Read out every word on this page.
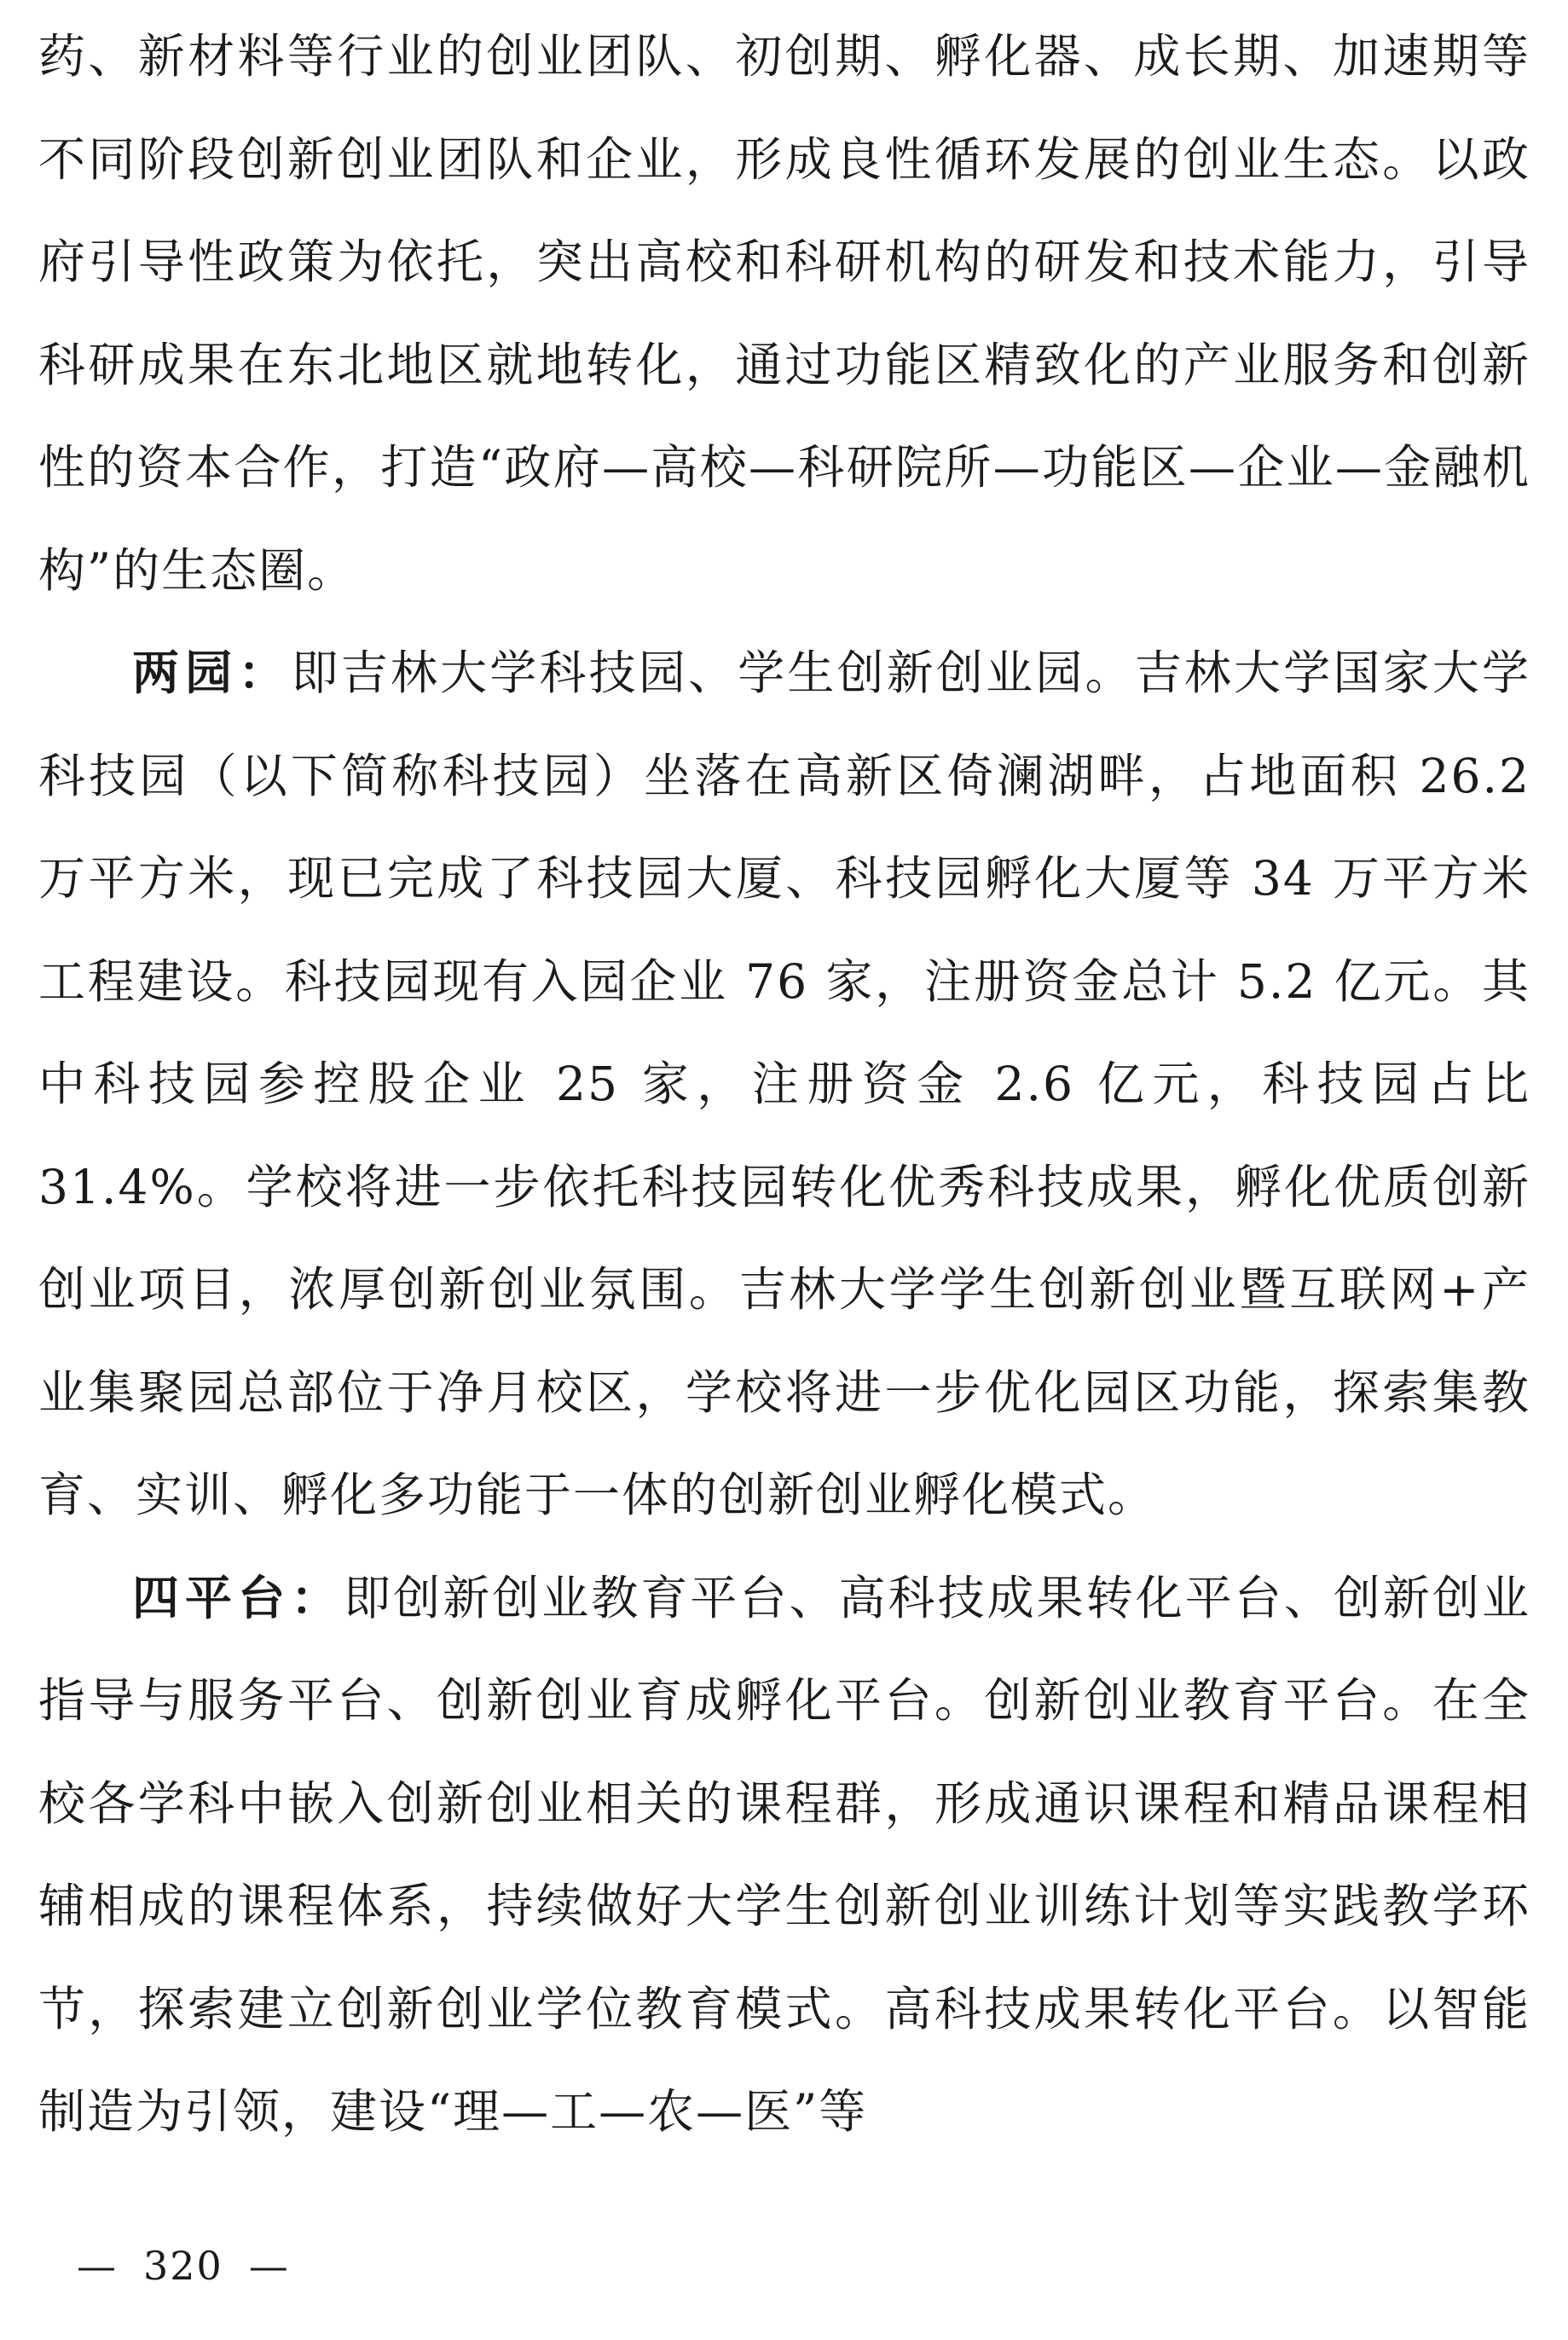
药、新材料等行业的创业团队、初创期、孵化器、成长期、加速期等不同阶段创新创业团队和企业，形成良性循环发展的创业生态。以政府引导性政策为依托，突出高校和科研机构的研发和技术能力，引导科研成果在东北地区就地转化，通过功能区精致化的产业服务和创新性的资本合作，打造“政府—高校—科研院所—功能区—企业—金融机构”的生态圈。

两园：即吉林大学科技园、学生创新创业园。吉林大学国家大学科技园（以下简称科技园）坐落在高新区倚澜湖畔，占地面积 26.2 万平方米，现已完成了科技园大厦、科技园孵化大厦等 34 万平方米工程建设。科技园现有入园企业 76 家，注册资金总计 5.2 亿元。其中科技园参控股企业 25 家，注册资金 2.6 亿元，科技园占比 31.4%。学校将进一步依托科技园转化优秀科技成果，孵化优质创新创业项目，浓厚创新创业氛围。吉林大学学生创新创业暨互联网+产业集聚园总部位于净月校区，学校将进一步优化园区功能，探索集教育、实训、孵化多功能于一体的创新创业孵化模式。

四平台：即创新创业教育平台、高科技成果转化平台、创新创业指导与服务平台、创新创业育成孵化平台。创新创业教育平台。在全校各学科中嵌入创新创业相关的课程群，形成通识课程和精品课程相辅相成的课程体系，持续做好大学生创新创业训练计划等实践教学环节，探索建立创新创业学位教育模式。高科技成果转化平台。以智能制造为引领，建设“理—工—农—医”等

— 320 —
